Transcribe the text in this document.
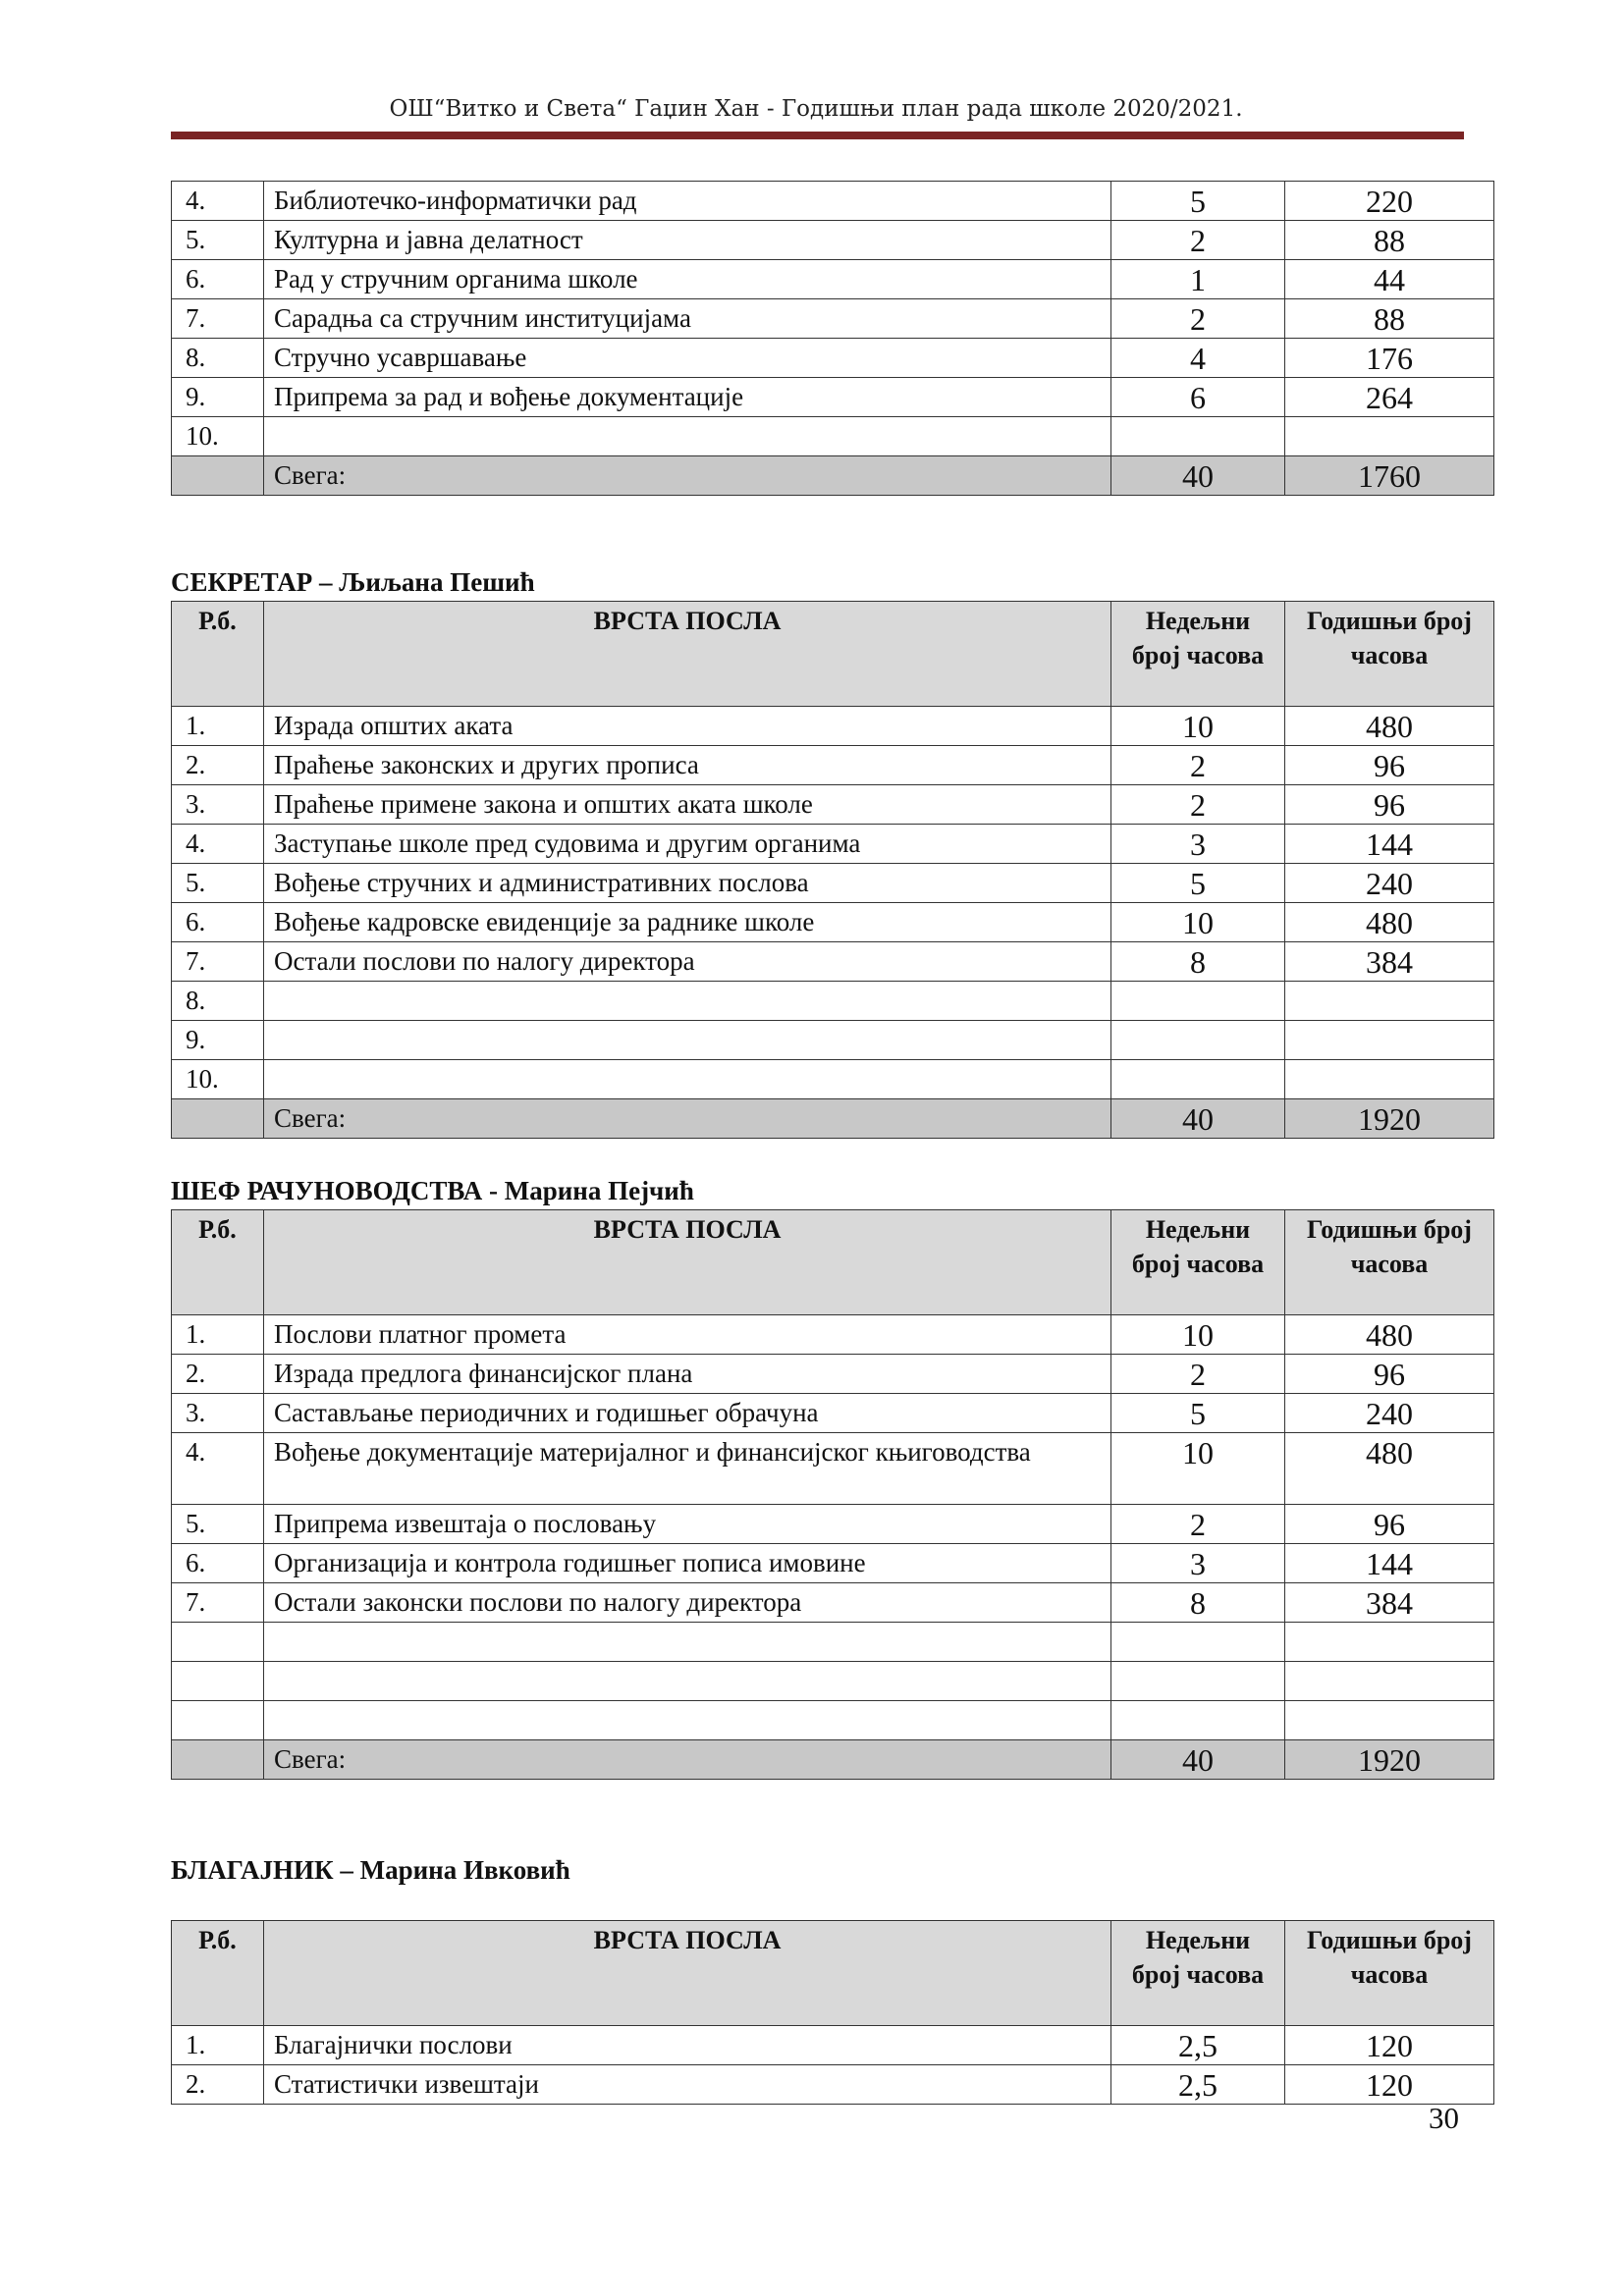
ОШ“Витко и Света“ Гаџин Хан - Годишњи план рада школе 2020/2021.
4.	Библиотечко-информатички рад	5	220
5.	Културна и јавна делатност	2	88
6.	Рад у стручним органима школе	1	44
7.	Сарадња са стручним институцијама	2	88
8.	Стручно усавршавање	4	176
9.	Припрема за рад и вођење документације	6	264
10.			
	Свега:	40	1760
СЕКРЕТАР – Љиљана Пешић
Р.б.	ВРСТА ПОСЛА	Недељни број часова	Годишњи број часова
1.	Израда општих аката	10	480
2.	Праћење законских и других прописа	2	96
3.	Праћење примене закона и општих аката школе	2	96
4.	Заступање школе пред судовима и другим органима	3	144
5.	Вођење стручних и административних послова	5	240
6.	Вођење кадровске евиденције за раднике школе	10	480
7.	Остали послови по налогу директора	8	384
8.			
9.			
10.			
	Свега:	40	1920
ШЕФ РАЧУНОВОДСТВА - Марина Пејчић
Р.б.	ВРСТА ПОСЛА	Недељни број часова	Годишњи број часова
1.	Послови платног промета	10	480
2.	Израда предлога финансијског плана	2	96
3.	Састављање периодичних и годишњег обрачуна	5	240
4.	Вођење документације материјалног и финансијског књиговодства	10	480
5.	Припрема извештаја о пословању	2	96
6.	Организација и контрола годишњег пописа имовине	3	144
7.	Остали законски послови по налогу директора	8	384

	Свега:	40	1920
БЛАГАЈНИК – Марина Ивковић
Р.б.	ВРСТА ПОСЛА	Недељни број часова	Годишњи број часова
1.	Благајнички послови	2,5	120
2.	Статистички извештаји	2,5	120
30
